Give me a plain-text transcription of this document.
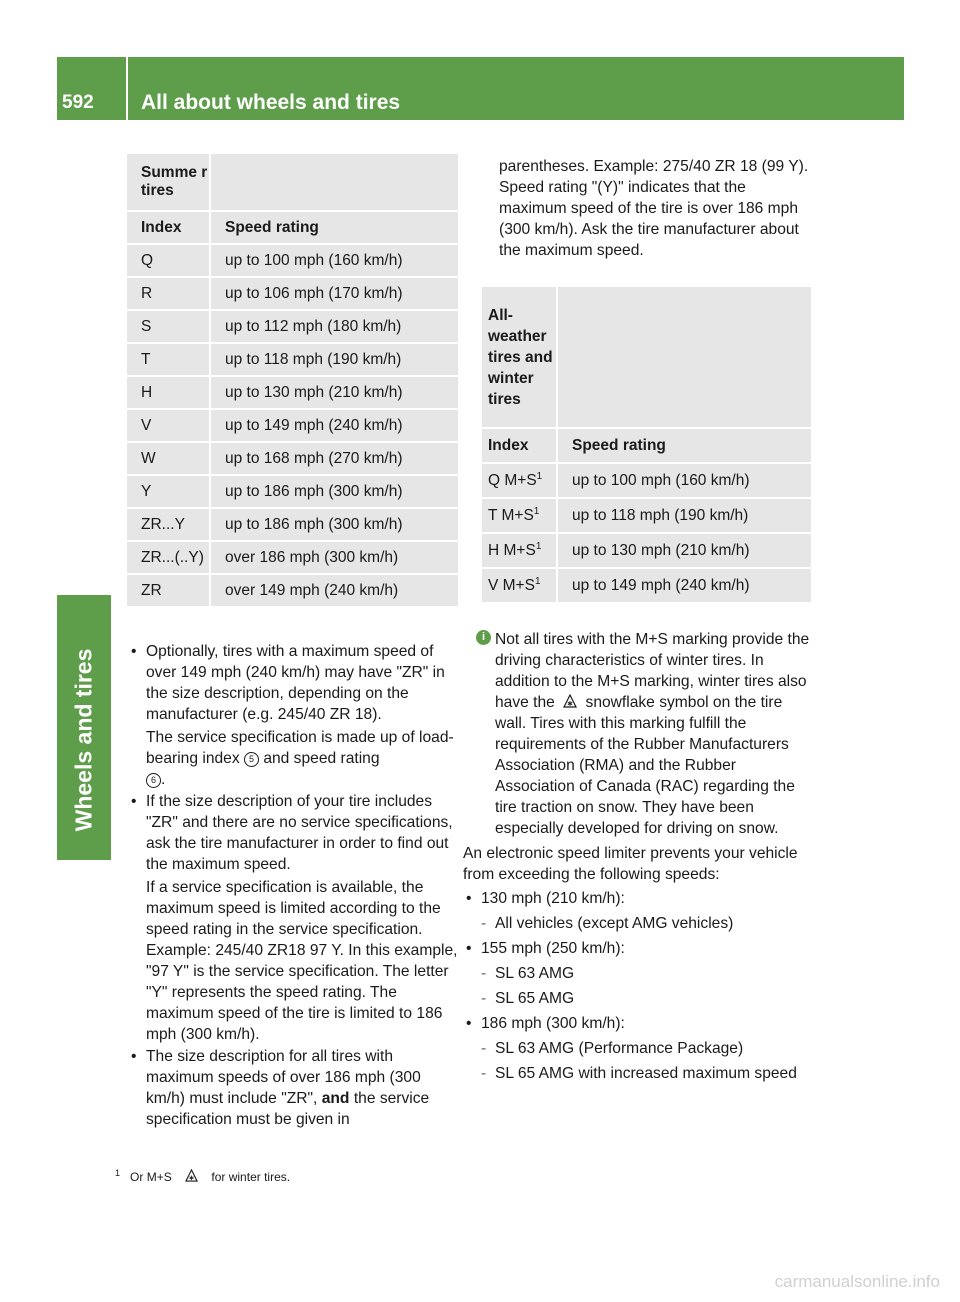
592 All about wheels and tires
Wheels and tires
Summe r tires	
Index	Speed rating
Q	up to 100 mph (160 km/h)
R	up to 106 mph (170 km/h)
S	up to 112 mph (180 km/h)
T	up to 118 mph (190 km/h)
H	up to 130 mph (210 km/h)
V	up to 149 mph (240 km/h)
W	up to 168 mph (270 km/h)
Y	up to 186 mph (300 km/h)
ZR...Y	up to 186 mph (300 km/h)
ZR...(..Y)	over 186 mph (300 km/h)
ZR	over 149 mph (240 km/h)

• Optionally, tires with a maximum speed of over 149 mph (240 km/h) may have "ZR" in the size description, depending on the manufacturer (e.g. 245/40 ZR 18).

The service specification is made up of load-bearing index 5 and speed rating
6 .

• If the size description of your tire includes "ZR" and there are no service specifications, ask the tire manufacturer in order to find out the maximum speed.

If a service specification is available, the maximum speed is limited according to the speed rating in the service specification. Example: 245/40 ZR18 97 Y. In this example, "97 Y" is the service specification. The letter "Y" represents the speed rating. The maximum speed of the tire is limited to 186 mph (300 km/h).

• The size description for all tires with maximum speeds of over 186 mph (300 km/h) must include "ZR", and the service specification must be given in

parentheses. Example: 275/40 ZR 18 (99 Y). Speed rating "(Y)" indicates that the maximum speed of the tire is over 186 mph (300 km/h). Ask the tire manufacturer about the maximum speed.

All- weather tires and winter tires	
Index	Speed rating
Q $M+S^1$	up to 100 mph (160 km/h)
T $M+S^1$	up to 118 mph (190 km/h)
H $M+S^1$	up to 130 mph (210 km/h)
V $M+S^1$	up to 149 mph (240 km/h)

i Not all tires with the M+S marking provide the driving characteristics of winter tires. In addition to the M+S marking, winter tires also have the snowflake symbol on the tire wall. Tires with this marking fulfill the requirements of the Rubber Manufacturers Association (RMA) and the Rubber Association of Canada (RAC) regarding the tire traction on snow. They have been especially developed for driving on snow.

An electronic speed limiter prevents your vehicle from exceeding the following speeds:

• 130 mph (210 km/h):

- All vehicles (except AMG vehicles)

• 155 mph (250 km/h):

- SL 63 AMG

- SL 65 AMG

• 186 mph (300 km/h):

- SL 63 AMG (Performance Package)

- SL 65 AMG with increased maximum speed

$^1$ Or M+S	for winter tires.
carmanualsonline.info
